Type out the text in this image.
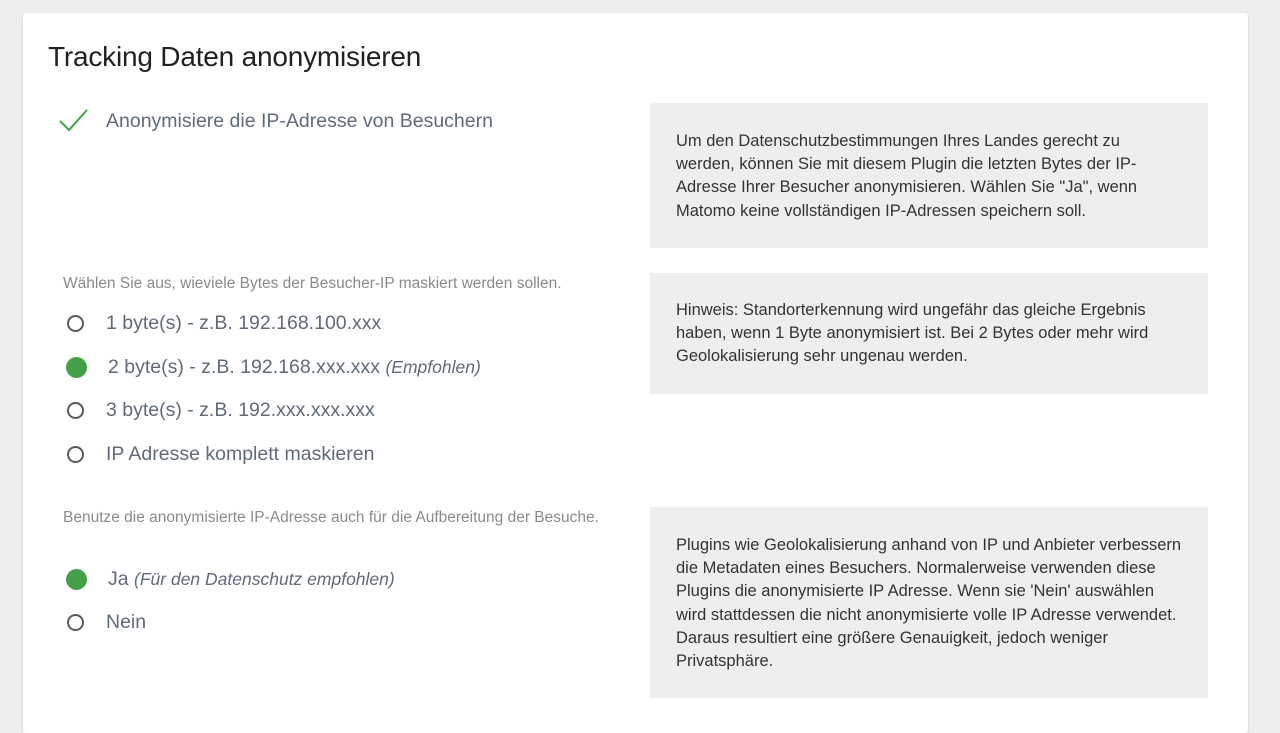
Tracking Daten anonymisieren
Anonymisiere die IP-Adresse von Besuchern
Um den Datenschutzbestimmungen Ihres Landes gerecht zu werden, können Sie mit diesem Plugin die letzten Bytes der IP-Adresse Ihrer Besucher anonymisieren. Wählen Sie "Ja", wenn Matomo keine vollständigen IP-Adressen speichern soll.
Wählen Sie aus, wieviele Bytes der Besucher-IP maskiert werden sollen.
1 byte(s) - z.B. 192.168.100.xxx
2 byte(s) - z.B. 192.168.xxx.xxx (Empfohlen)
3 byte(s) - z.B. 192.xxx.xxx.xxx
IP Adresse komplett maskieren
Hinweis: Standorterkennung wird ungefähr das gleiche Ergebnis haben, wenn 1 Byte anonymisiert ist. Bei 2 Bytes oder mehr wird Geolokalisierung sehr ungenau werden.
Benutze die anonymisierte IP-Adresse auch für die Aufbereitung der Besuche.
Ja (Für den Datenschutz empfohlen)
Nein
Plugins wie Geolokalisierung anhand von IP und Anbieter verbessern die Metadaten eines Besuchers. Normalerweise verwenden diese Plugins die anonymisierte IP Adresse. Wenn sie 'Nein' auswählen wird stattdessen die nicht anonymisierte volle IP Adresse verwendet. Daraus resultiert eine größere Genauigkeit, jedoch weniger Privatsphäre.
